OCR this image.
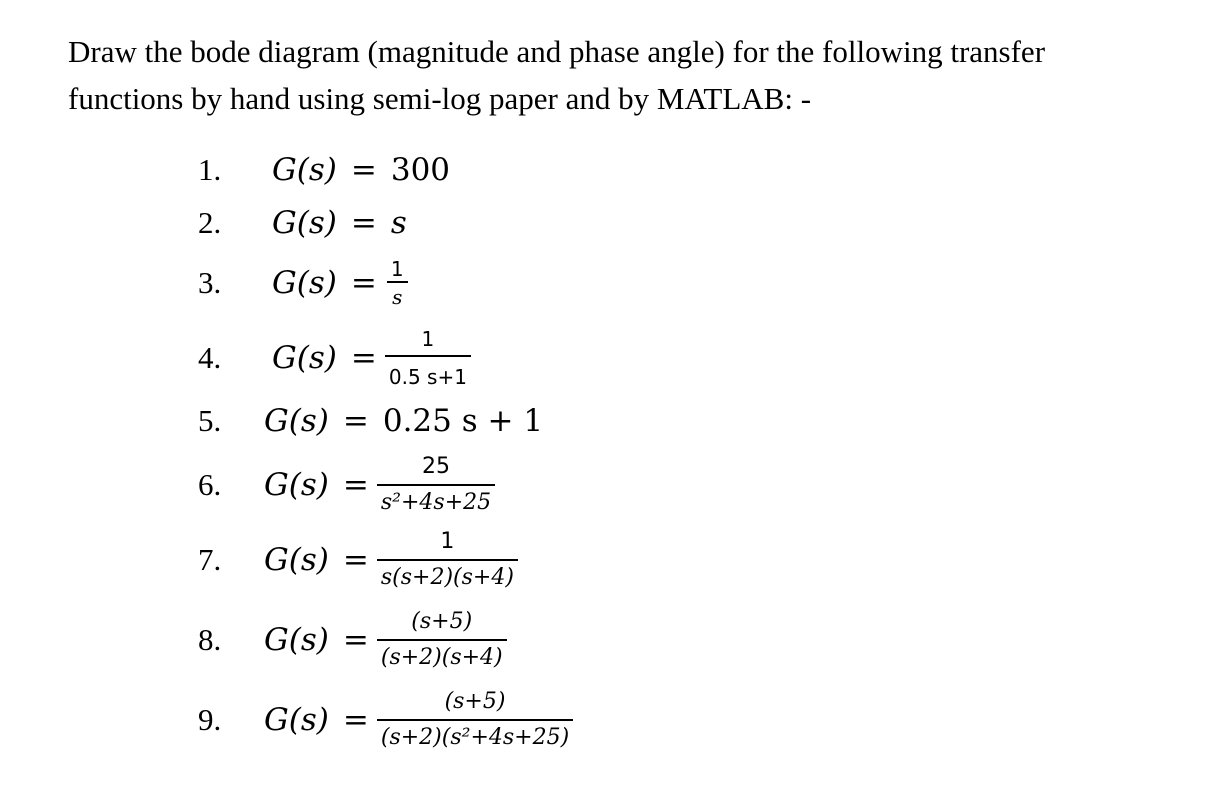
Draw the bode diagram (magnitude and phase angle) for the following transfer
functions by hand using semi-log paper and by MATLAB: -
1.	G(s) = 300
2.	G(s) = s
3.	$G(s) = \frac{1}{s}$
4.	$G(s) = \frac{1}{0.5 s+1}$
5.	G(s) = 0.25 s + 1
6.	$G(s) = \frac{25}{\text{s²+4s+25}}$
7.	$G(s) = \frac{1}{s(s+2)(s+4)}$
8.	$G(s) = \frac{(s+5)}{(s+2)(s+4)}$
9.	$G(s) = \frac{(s+5)}{\text{(s+2)(s²+4s+25)}}$
